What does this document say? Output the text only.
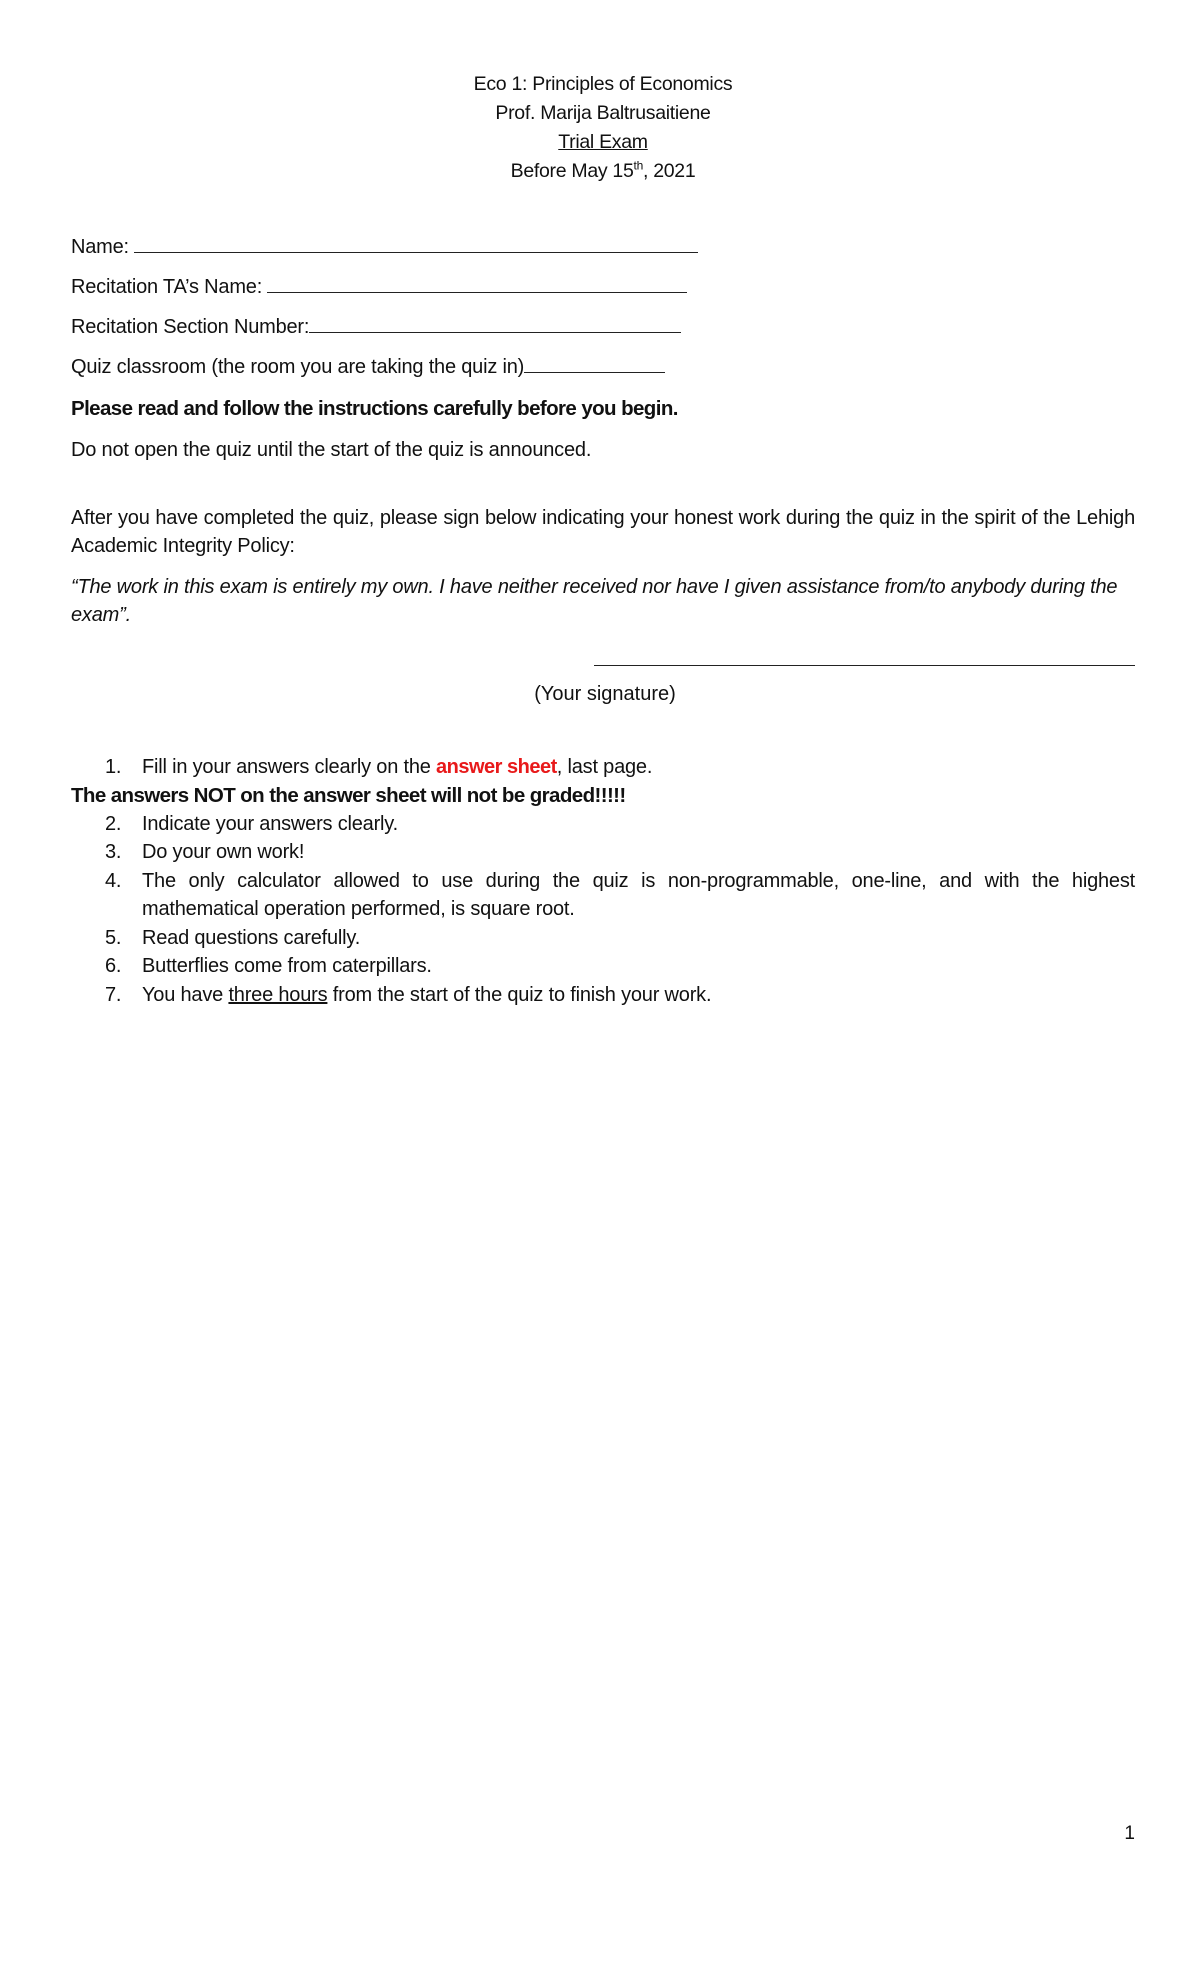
Eco 1: Principles of Economics
Prof. Marija Baltrusaitiene
Trial Exam
Before May 15th, 2021
Name:
Recitation TA’s Name:
Recitation Section Number:
Quiz classroom (the room you are taking the quiz in)
Please read and follow the instructions carefully before you begin.
Do not open the quiz until the start of the quiz is announced.
After you have completed the quiz, please sign below indicating your honest work during the quiz in the spirit of the Lehigh Academic Integrity Policy:
“The work in this exam is entirely my own. I have neither received nor have I given assistance from/to anybody during the exam”.
(Your signature)
1. Fill in your answers clearly on the answer sheet, last page.
The answers NOT on the answer sheet will not be graded!!!!!
2. Indicate your answers clearly.
3. Do your own work!
4. The only calculator allowed to use during the quiz is non-programmable, one-line, and with the highest mathematical operation performed, is square root.
5. Read questions carefully.
6. Butterflies come from caterpillars.
7. You have three hours from the start of the quiz to finish your work.
1
